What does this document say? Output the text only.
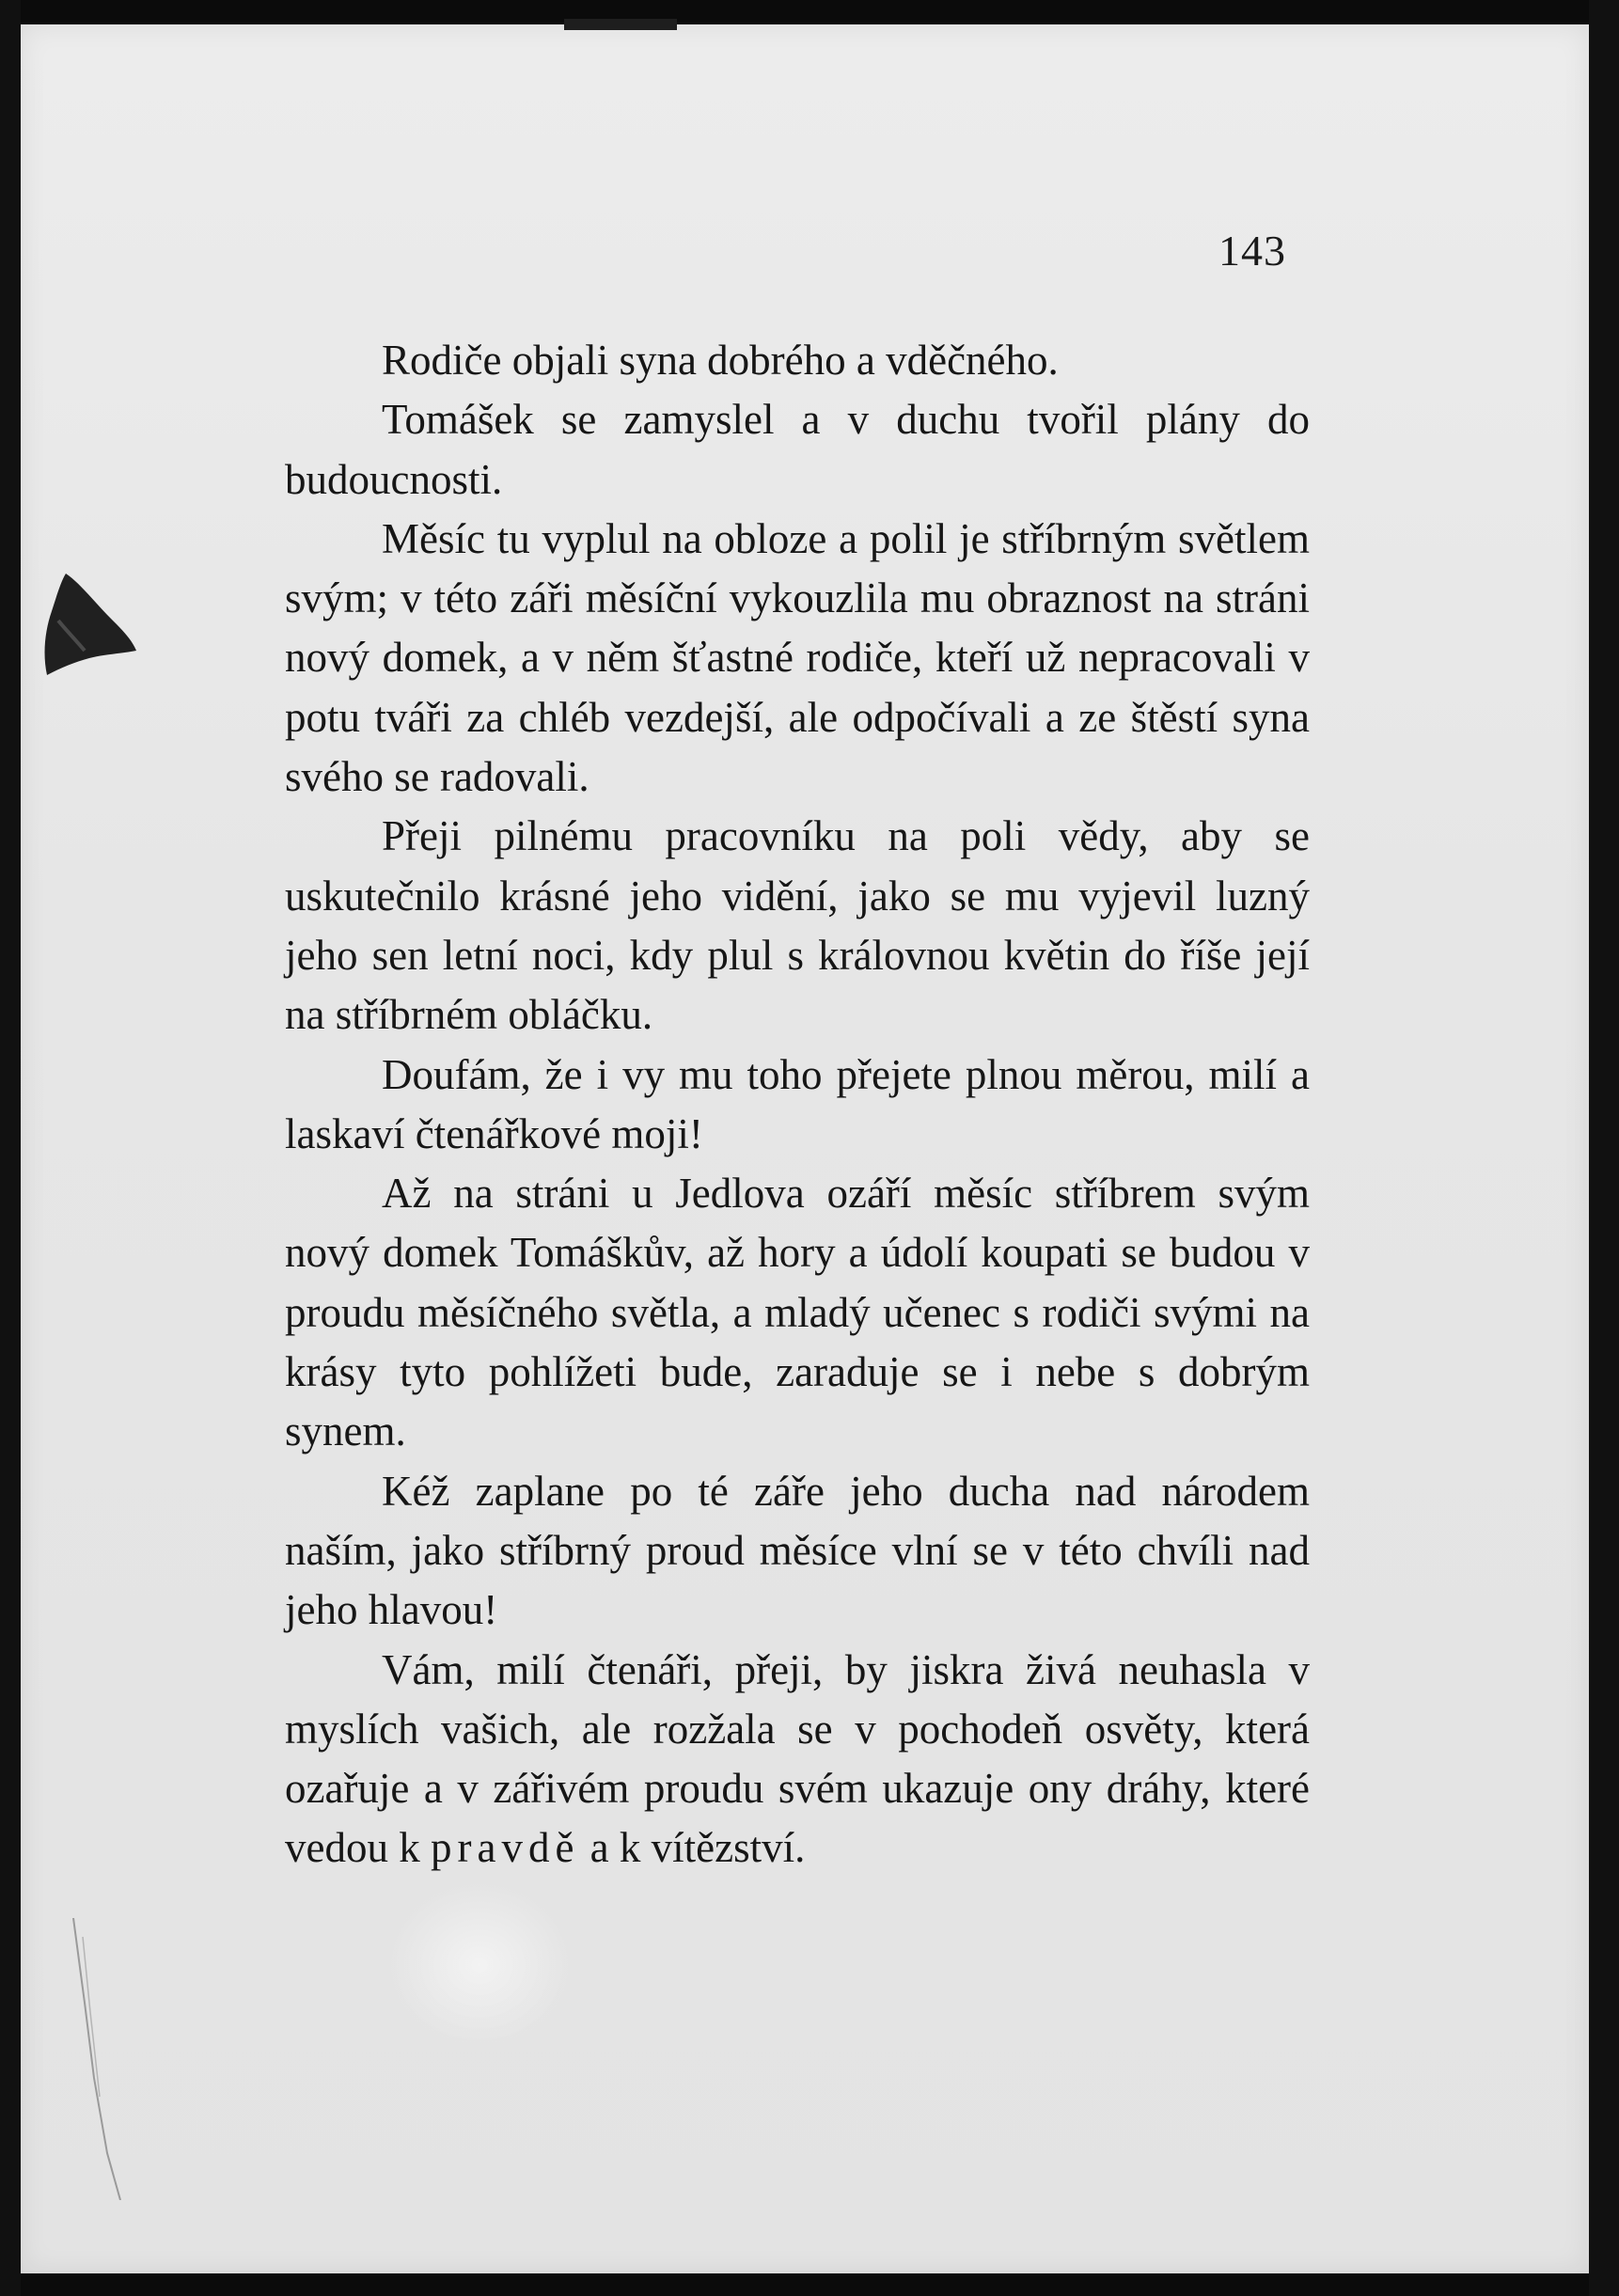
143

Rodiče objali syna dobrého a vděčného.

Tomášek se zamyslel a v duchu tvořil plány do budoucnosti.

Měsíc tu vyplul na obloze a polil je stříbrným světlem svým; v této záři měsíční vykouzlila mu obraznost na stráni nový domek, a v něm šťastné rodiče, kteří už nepracovali v potu tváři za chléb vezdejší, ale odpočívali a ze štěstí syna svého se radovali.

Přeji pilnému pracovníku na poli vědy, aby se uskutečnilo krásné jeho vidění, jako se mu vyjevil luzný jeho sen letní noci, kdy plul s královnou květin do říše její na stříbrném obláčku.

Doufám, že i vy mu toho přejete plnou měrou, milí a laskaví čtenářkové moji!

Až na stráni u Jedlova ozáří měsíc stříbrem svým nový domek Tomáškův, až hory a údolí koupati se budou v proudu měsíčného světla, a mladý učenec s rodiči svými na krásy tyto pohlížeti bude, zaraduje se i nebe s dobrým synem.

Kéž zaplane po té záře jeho ducha nad národem naším, jako stříbrný proud měsíce vlní se v této chvíli nad jeho hlavou!

Vám, milí čtenáři, přeji, by jiskra živá neuhasla v myslích vašich, ale rozžala se v pochodeň osvěty, která ozařuje a v zářivém proudu svém ukazuje ony dráhy, které vedou k pravdě a k vítězství.
